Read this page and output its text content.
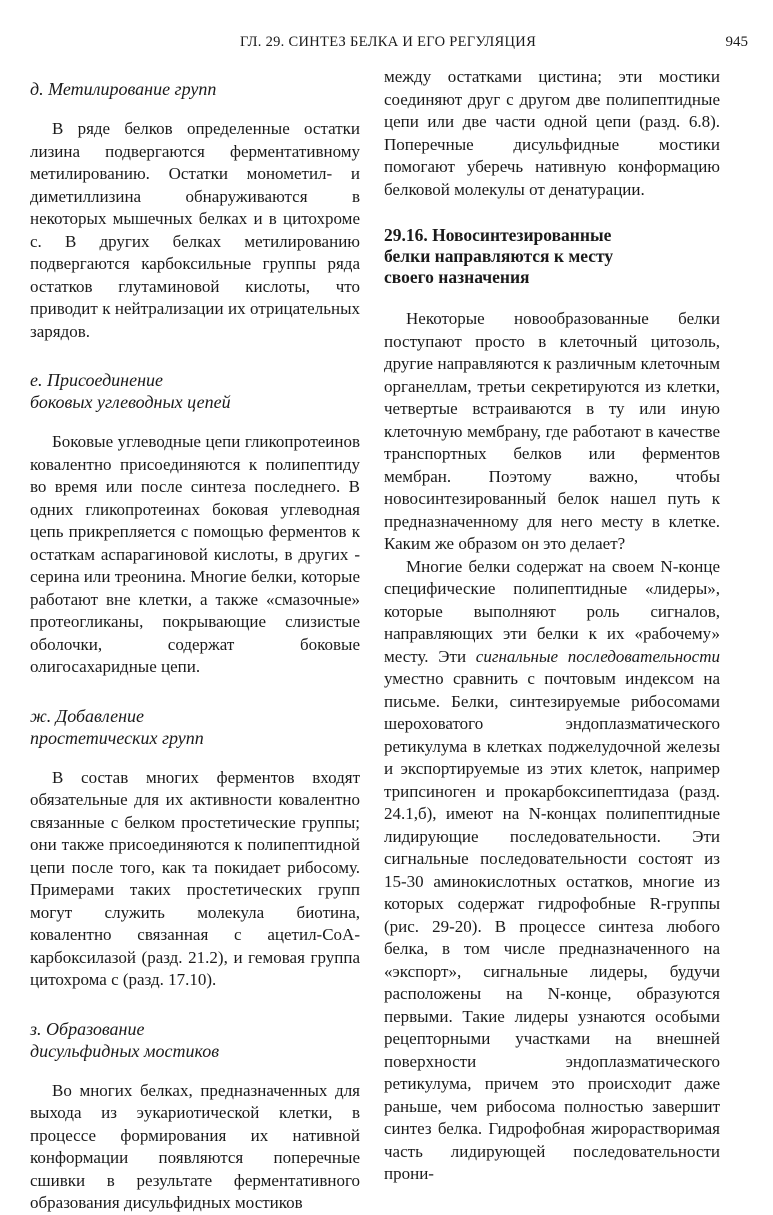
ГЛ. 29. СИНТЕЗ БЕЛКА И ЕГО РЕГУЛЯЦИЯ	945
д. Метилирование групп

В ряде белков определенные остатки лизина подвергаются ферментативному метилированию. Остатки монометил- и диметиллизина обнаруживаются в некоторых мышечных белках и в цитохроме c. В других белках метилированию подвергаются карбоксильные группы ряда остатков глутаминовой кислоты, что приводит к нейтрализации их отрицательных зарядов.

е. Присоединение
боковых углеводных цепей

Боковые углеводные цепи гликопротеинов ковалентно присоединяются к полипептиду во время или после синтеза последнего. В одних гликопротеинах боковая углеводная цепь прикрепляется с помощью ферментов к остаткам аспарагиновой кислоты, в других - серина или треонина. Многие белки, которые работают вне клетки, а также «смазочные» протеогликаны, покрывающие слизистые оболочки, содержат боковые олигосахаридные цепи.

ж. Добавление
простетических групп

В состав многих ферментов входят обязательные для их активности ковалентно связанные с белком простетические группы; они также присоединяются к полипептидной цепи после того, как та покидает рибосому. Примерами таких простетических групп могут служить молекула биотина, ковалентно связанная с ацетил-СоА-карбоксилазой (разд. 21.2), и гемовая группа цитохрома c (разд. 17.10).

з. Образование
дисульфидных мостиков

Во многих белках, предназначенных для выхода из эукариотической клетки, в процессе формирования их нативной конформации появляются поперечные сшивки в результате ферментативного образования дисульфидных мостиков

между остатками цистина; эти мостики соединяют друг с другом две полипептидные цепи или две части одной цепи (разд. 6.8). Поперечные дисульфидные мостики помогают уберечь нативную конформацию белковой молекулы от денатурации.

29.16. Новосинтезированные
белки направляются к месту
своего назначения

Некоторые новообразованные белки поступают просто в клеточный цитозоль, другие направляются к различным клеточным органеллам, третьи секретируются из клетки, четвертые встраиваются в ту или иную клеточную мембрану, где работают в качестве транспортных белков или ферментов мембран. Поэтому важно, чтобы новосинтезированный белок нашел путь к предназначенному для него месту в клетке. Каким же образом он это делает?

Многие белки содержат на своем N-конце специфические полипептидные «лидеры», которые выполняют роль сигналов, направляющих эти белки к их «рабочему» месту. Эти сигнальные последовательности уместно сравнить с почтовым индексом на письме. Белки, синтезируемые рибосомами шероховатого эндоплазматического ретикулума в клетках поджелудочной железы и экспортируемые из этих клеток, например трипсиноген и прокарбоксипептидаза (разд. 24.1,б), имеют на N-концах полипептидные лидирующие последовательности. Эти сигнальные последовательности состоят из 15-30 аминокислотных остатков, многие из которых содержат гидрофобные R-группы (рис. 29-20). В процессе синтеза любого белка, в том числе предназначенного на «экспорт», сигнальные лидеры, будучи расположены на N-конце, образуются первыми. Такие лидеры узнаются особыми рецепторными участками на внешней поверхности эндоплазматического ретикулума, причем это происходит даже раньше, чем рибосома полностью завершит синтез белка. Гидрофобная жирорастворимая часть лидирующей последовательности прони-
